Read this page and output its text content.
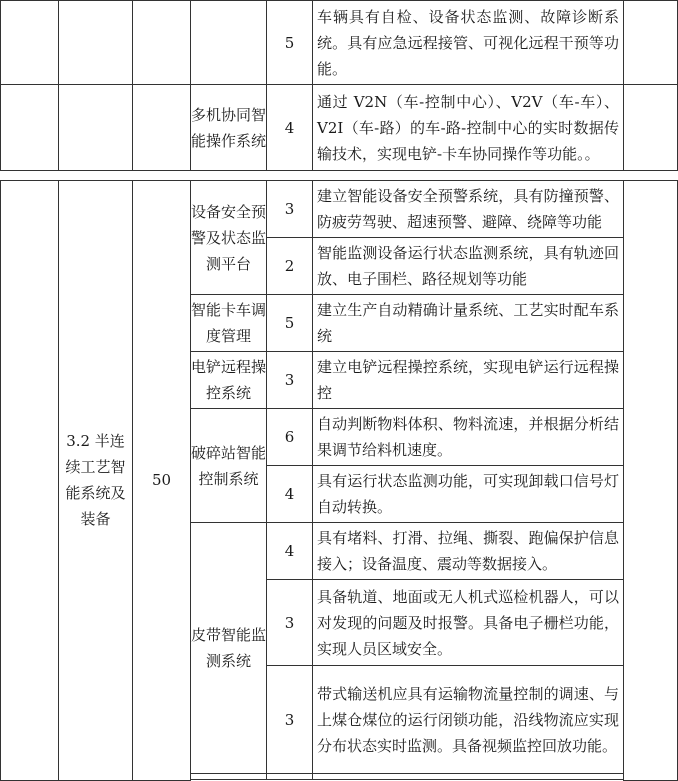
				5	车辆具有自检、设备状态监测、故障诊断系统。具有应急远程接管、可视化远程干预等功能。	
			多机协同智能操作系统	4	通过 V2N（车-控制中心）、V2V（车-车）、V2I（车-路）的车-路-控制中心的实时数据传输技术，实现电铲-卡车协同操作等功能。。	
	3.2 半连续工艺智能系统及装备	50	设备安全预警及状态监测平台	3	建立智能设备安全预警系统，具有防撞预警、防疲劳驾驶、超速预警、避障、绕障等功能	
				2	智能监测设备运行状态监测系统，具有轨迹回放、电子围栏、路径规划等功能	
			智能卡车调度管理	5	建立生产自动精确计量系统、工艺实时配车系统	
			电铲远程操控系统	3	建立电铲远程操控系统，实现电铲运行远程操控	
			破碎站智能控制系统	6	自动判断物料体积、物料流速，并根据分析结果调节给料机速度。	
				4	具有运行状态监测功能，可实现卸载口信号灯自动转换。	
			皮带智能监测系统	4	具有堵料、打滑、拉绳、撕裂、跑偏保护信息接入；设备温度、震动等数据接入。	
				3	具备轨道、地面或无人机式巡检机器人，可以对发现的问题及时报警。具备电子栅栏功能，实现人员区域安全。	
				3	带式输送机应具有运输物流量控制的调速、与上煤仓煤位的运行闭锁功能，沿线物流应实现分布状态实时监测。具备视频监控回放功能。	
